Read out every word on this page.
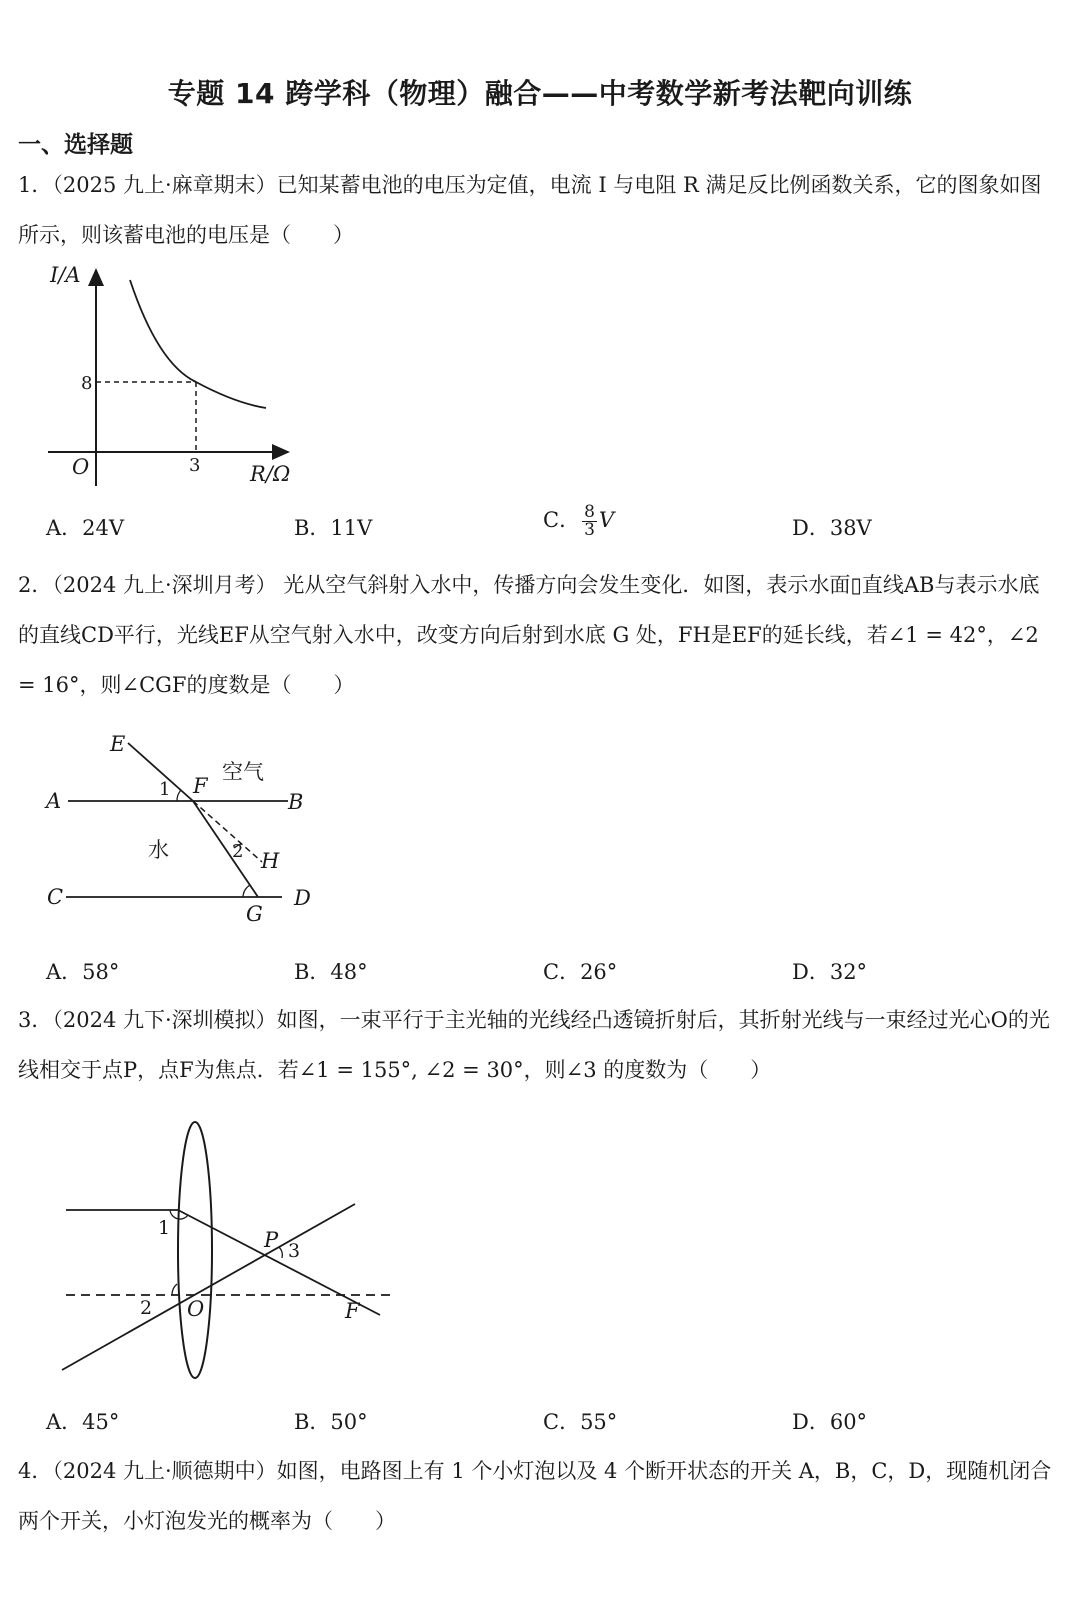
专题 14 跨学科（物理）融合——中考数学新考法靶向训练
一、选择题
1．（2025 九上·麻章期末）已知某蓄电池的电压为定值，电流 I 与电阻 R 满足反比例函数关系，它的图象如图所示，则该蓄电池的电压是（　　）
I/A
R/Ω
O
8
3
A．24V	B．11V	C． $\frac{8}{3}$ V	D．38V
2．（2024 九上·深圳月考） 光从空气斜射入水中，传播方向会发生变化．如图，表示水面▯直线AB与表示水底的直线CD平行，光线EF从空气射入水中，改变方向后射到水底 G 处，FH是EF的延长线，若∠1 = 42°，∠2 = 16°，则∠CGF的度数是（　　）
E
F
A	B
C	D
G
H
1
2
空气
水
A．58°	B．48°	C．26°	D．32°
3．（2024 九下·深圳模拟）如图，一束平行于主光轴的光线经凸透镜折射后，其折射光线与一束经过光心O的光线相交于点P，点F为焦点．若∠1 = 155°, ∠2 = 30°，则∠3 的度数为（　　）
1
2
3
P
O	F
A．45°	B．50°	C．55°	D．60°
4．（2024 九上·顺德期中）如图，电路图上有 1 个小灯泡以及 4 个断开状态的开关 A，B，C，D，现随机闭合两个开关，小灯泡发光的概率为（　　）
